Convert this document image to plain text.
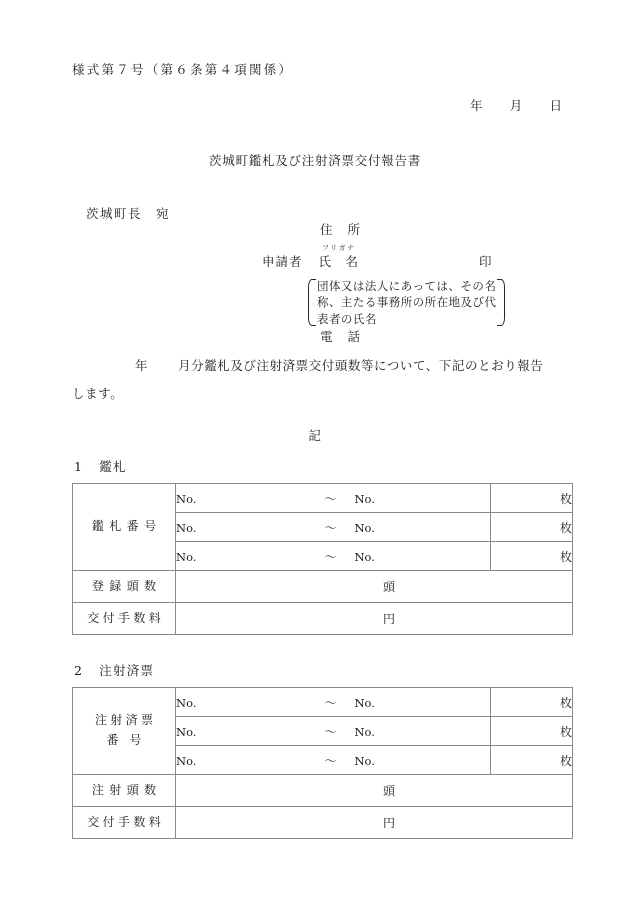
様式第７号（第６条第４項関係）
年 月 日
茨城町鑑札及び注射済票交付報告書
茨城町長 宛
住　所
申請者
フリガナ
氏　名	印
団体又は法人にあっては、その名
称、主たる事務所の所在地及び代
表者の氏名
電　話
年 月分鑑札及び注射済票交付頭数等について、下記のとおり報告
します。
記
1 鑑札
鑑札番号	No. ～ No.	枚
	No. ～ No.	枚
	No. ～ No.	枚
登録頭数	頭	

交付手数料	円	
2 注射済票
注射済票
番号	No. ～ No.	枚
	No. ～ No.	枚
	No. ～ No.	枚
注射頭数	頭	

交付手数料	円	
